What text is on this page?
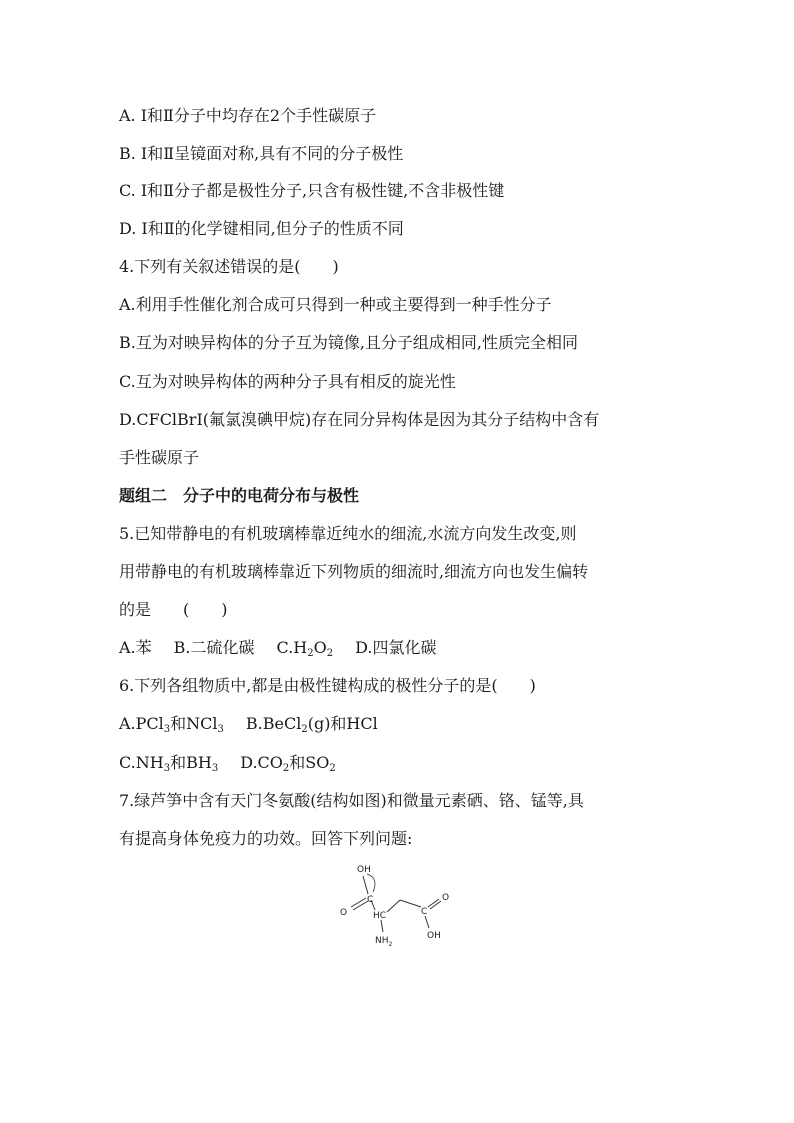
A. Ⅰ和Ⅱ分子中均存在2个手性碳原子
B. Ⅰ和Ⅱ呈镜面对称,具有不同的分子极性
C. Ⅰ和Ⅱ分子都是极性分子,只含有极性键,不含非极性键
D. Ⅰ和Ⅱ的化学键相同,但分子的性质不同
4.下列有关叙述错误的是(　　)
A.利用手性催化剂合成可只得到一种或主要得到一种手性分子
B.互为对映异构体的分子互为镜像,且分子组成相同,性质完全相同
C.互为对映异构体的两种分子具有相反的旋光性
D.CFClBrI(氟氯溴碘甲烷)存在同分异构体是因为其分子结构中含有
手性碳原子
题组二　分子中的电荷分布与极性
5.已知带静电的有机玻璃棒靠近纯水的细流,水流方向发生改变,则
用带静电的有机玻璃棒靠近下列物质的细流时,细流方向也发生偏转
的是　　(　　)
A.苯 B.二硫化碳 $C.H_2O_2$ D.四氯化碳
6.下列各组物质中,都是由极性键构成的极性分子的是(　　)
A.PCl$_3$和NCl$_3$ B.BeCl$_2$(g)和HCl
$C.NH_3$和$BH_3$ $D.CO_2$和$SO_2$
7.绿芦笋中含有天门冬氨酸(结构如图)和微量元素硒、铬、锰等,具
有提高身体免疫力的功效。回答下列问题:
OH
C
O	HC
$NH_2$
C
O
OH
